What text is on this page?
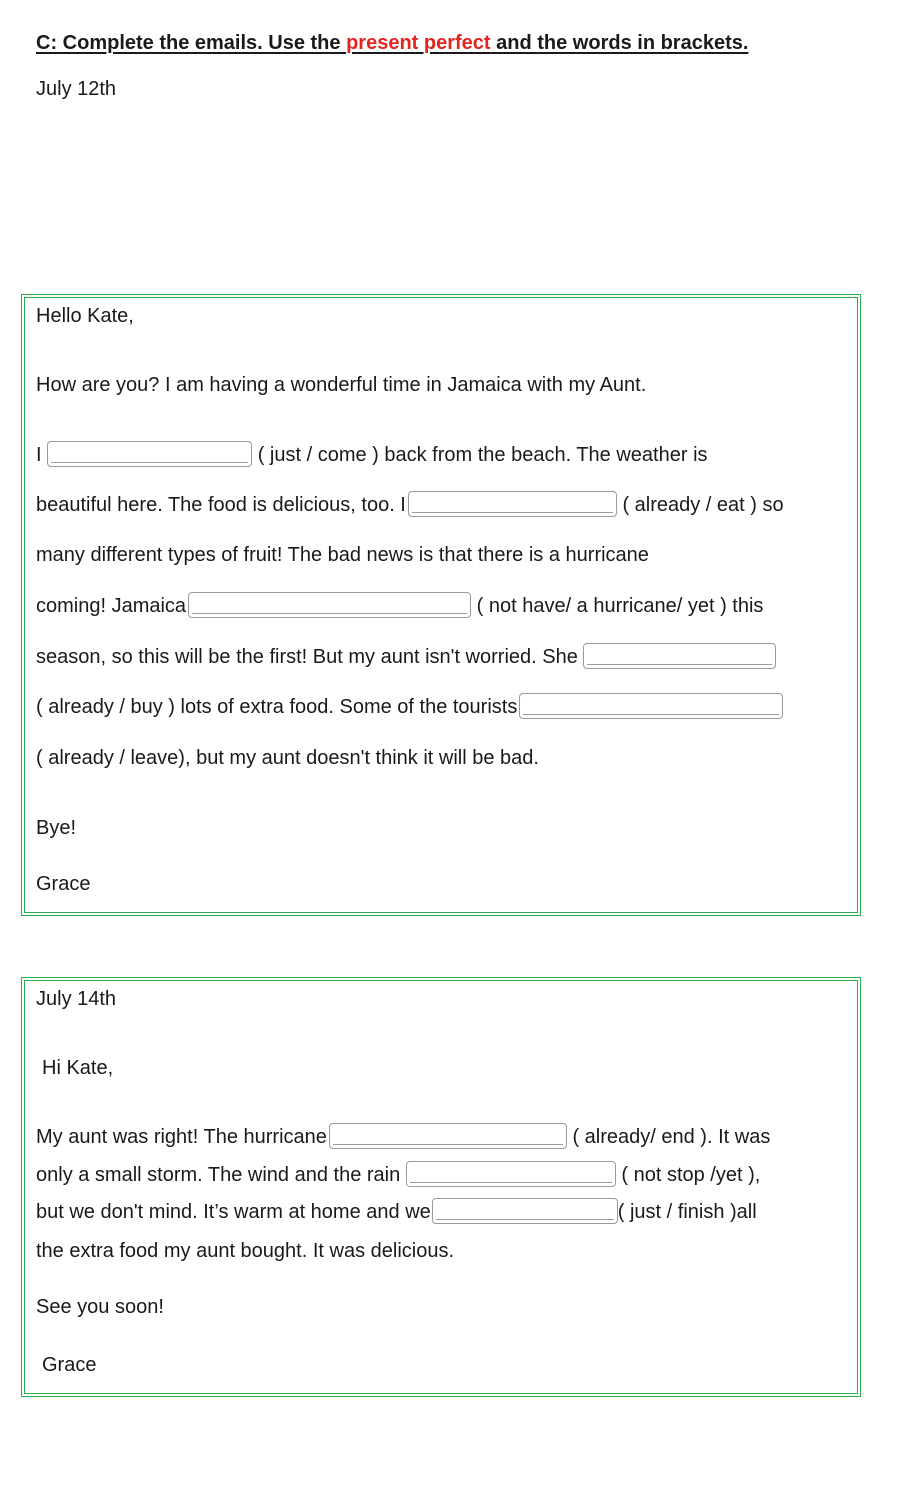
C: Complete the emails. Use the present perfect and the words in brackets.
July 12th
Hello Kate,
How are you? I am having a wonderful time in Jamaica with my Aunt.
I	( just / come ) back from the beach. The weather is
beautiful here. The food is delicious, too. I	( already / eat ) so
many different types of fruit! The bad news is that there is a hurricane
coming! Jamaica	( not have/ a hurricane/ yet ) this
season, so this will be the first! But my aunt isn't worried. She
( already / buy ) lots of extra food. Some of the tourists
( already / leave), but my aunt doesn't think it will be bad.
Bye!
Grace
July 14th
Hi Kate,
My aunt was right! The hurricane	( already/ end ). It was
only a small storm. The wind and the rain	( not stop /yet ),
but we don't mind. It’s warm at home and we	( just / finish )all
the extra food my aunt bought. It was delicious.
See you soon!
Grace
